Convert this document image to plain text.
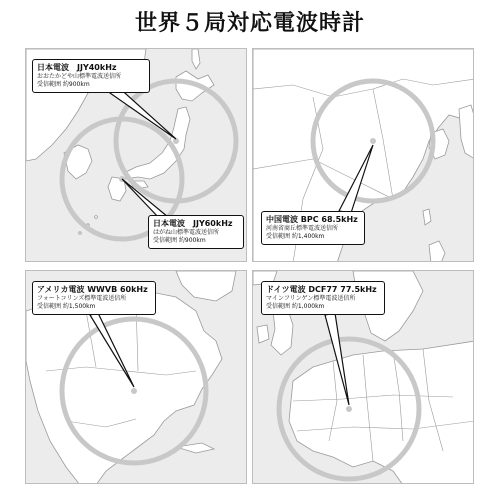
世界５局対応電波時計
日本電波　JJY40kHz
おおたかどや山標準電波送信所
受信範囲 約900km
日本電波　JJY60kHz
はがね山標準電波送信所
受信範囲 約900km
中国電波 BPC 68.5kHz
河南省商丘標準電波送信所
受信範囲 約1,400km
アメリカ電波 WWVB 60kHz
フォートコリンズ標準電波送信所
受信範囲 約1,500km
ドイツ電波 DCF77 77.5kHz
マインフリンゲン標準電波送信所
受信範囲 約1,000km
